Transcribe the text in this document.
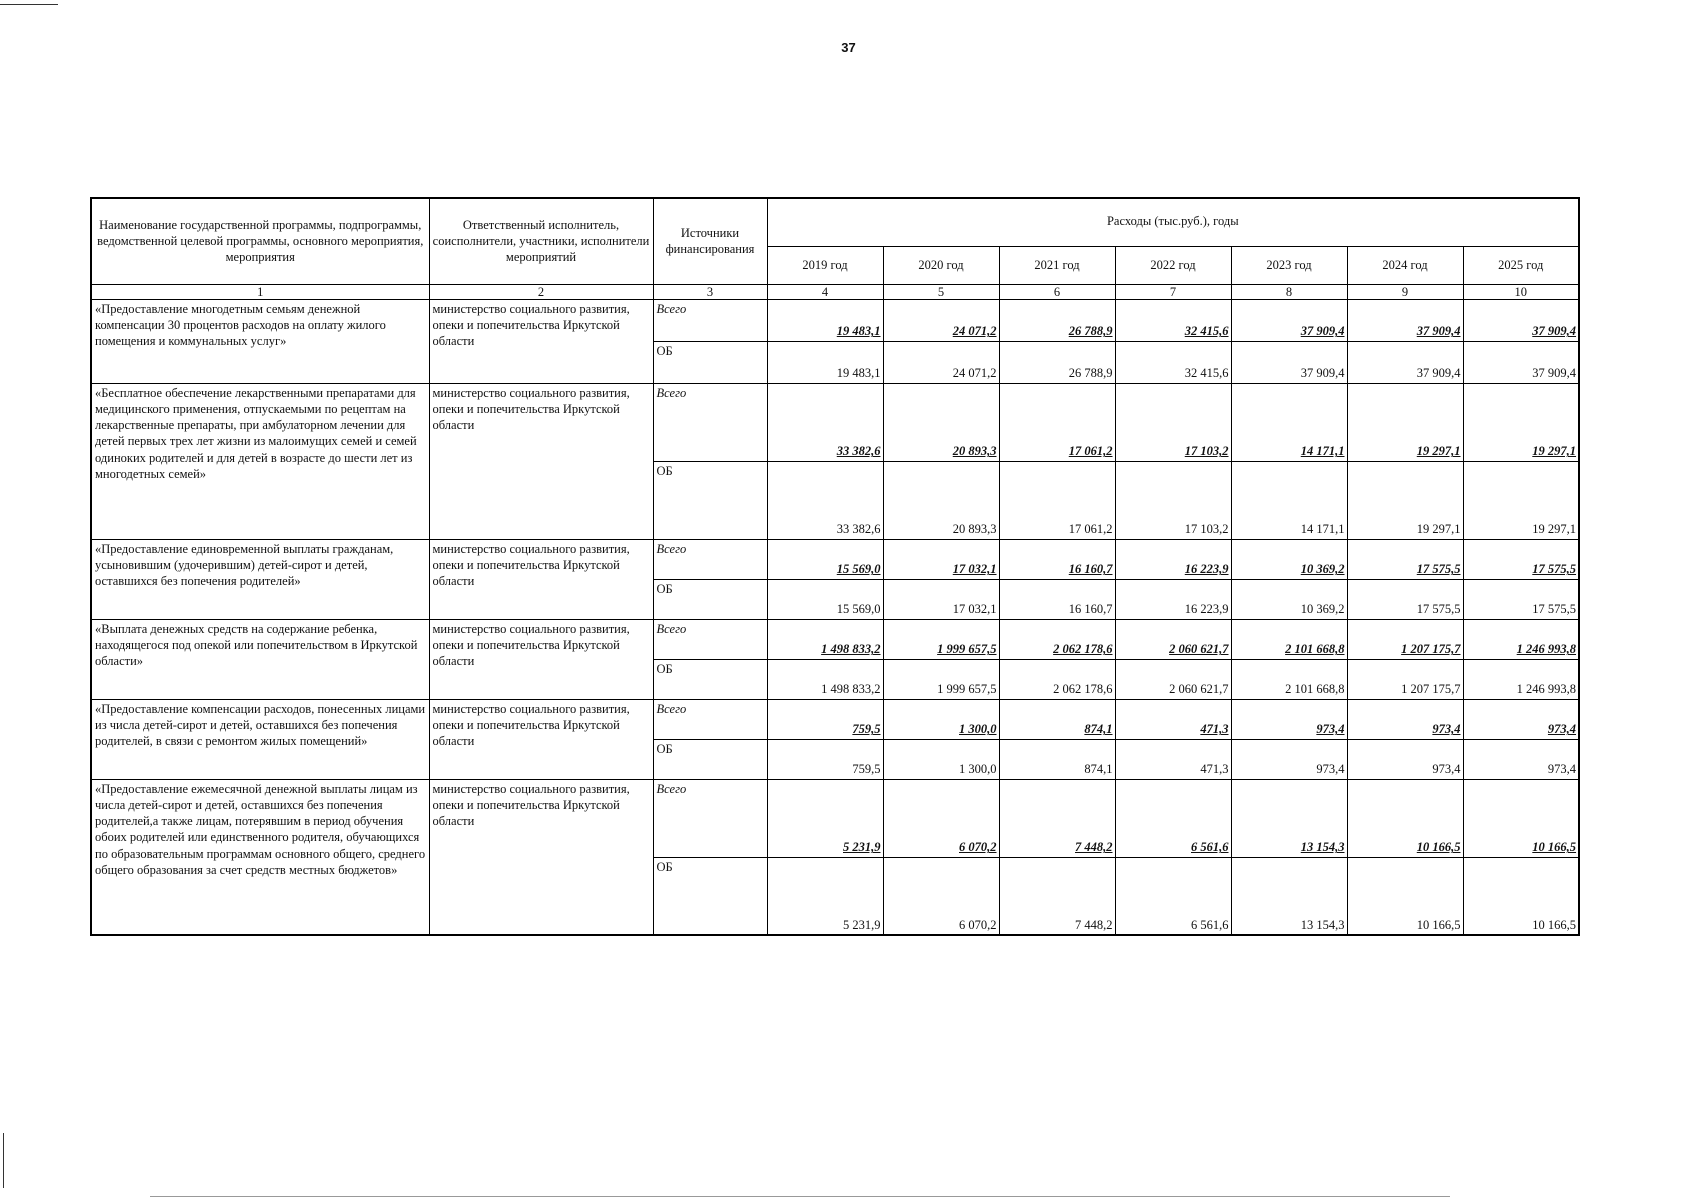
37
Наименование государственной программы, подпрограммы, ведомственной целевой программы, основного мероприятия, мероприятия	Ответственный исполнитель, соисполнители, участники, исполнители мероприятий	Источники финансирования	Расходы (тыс.руб.), годы						
			2019 год	2020 год	2021 год	2022 год	2023 год	2024 год	2025 год
1	2	3	4	5	6	7	8	9	10
«Предоставление многодетным семьям денежной компенсации 30 процентов расходов на оплату жилого помещения и коммунальных услуг»	министерство социального развития, опеки и попечительства Иркутской области	Всего	19 483,1	24 071,2	26 788,9	32 415,6	37 909,4	37 909,4	37 909,4
		ОБ	19 483,1	24 071,2	26 788,9	32 415,6	37 909,4	37 909,4	37 909,4
«Бесплатное обеспечение лекарственными препаратами для медицинского применения, отпускаемыми по рецептам на лекарственные препараты, при амбулаторном лечении для детей первых трех лет жизни из малоимущих семей и семей одиноких родителей и для детей в возрасте до шести лет из многодетных семей»	министерство социального развития, опеки и попечительства Иркутской области	Всего	33 382,6	20 893,3	17 061,2	17 103,2	14 171,1	19 297,1	19 297,1
		ОБ	33 382,6	20 893,3	17 061,2	17 103,2	14 171,1	19 297,1	19 297,1
«Предоставление единовременной выплаты гражданам, усыновившим (удочерившим) детей-сирот и детей, оставшихся без попечения родителей»	министерство социального развития, опеки и попечительства Иркутской области	Всего	15 569,0	17 032,1	16 160,7	16 223,9	10 369,2	17 575,5	17 575,5
		ОБ	15 569,0	17 032,1	16 160,7	16 223,9	10 369,2	17 575,5	17 575,5
«Выплата денежных средств на содержание ребенка, находящегося под опекой или попечительством в Иркутской области»	министерство социального развития, опеки и попечительства Иркутской области	Всего	1 498 833,2	1 999 657,5	2 062 178,6	2 060 621,7	2 101 668,8	1 207 175,7	1 246 993,8
		ОБ	1 498 833,2	1 999 657,5	2 062 178,6	2 060 621,7	2 101 668,8	1 207 175,7	1 246 993,8
«Предоставление компенсации расходов, понесенных лицами из числа детей-сирот и детей, оставшихся без попечения родителей, в связи с ремонтом жилых помещений»	министерство социального развития, опеки и попечительства Иркутской области	Всего	759,5	1 300,0	874,1	471,3	973,4	973,4	973,4
		ОБ	759,5	1 300,0	874,1	471,3	973,4	973,4	973,4
«Предоставление ежемесячной денежной выплаты лицам из числа детей-сирот и детей, оставшихся без попечения родителей,а также лицам, потерявшим в период обучения обоих родителей или единственного родителя, обучающихся по образовательным программам основного общего, среднего общего образования за счет средств местных бюджетов»	министерство социального развития, опеки и попечительства Иркутской области	Всего	5 231,9	6 070,2	7 448,2	6 561,6	13 154,3	10 166,5	10 166,5
		ОБ	5 231,9	6 070,2	7 448,2	6 561,6	13 154,3	10 166,5	10 166,5
